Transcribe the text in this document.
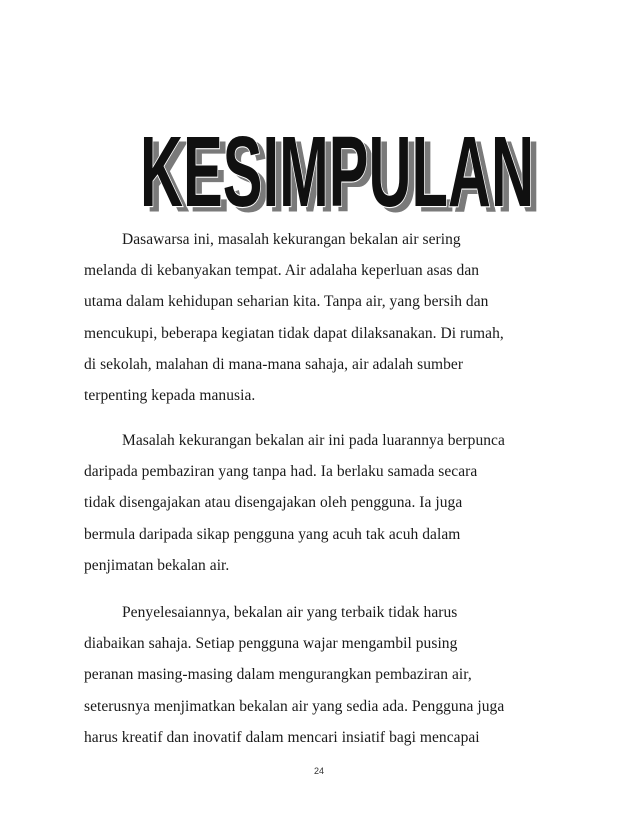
KESIMPULAN
KESIMPULAN

Dasawarsa ini, masalah kekurangan bekalan air sering
melanda di kebanyakan tempat. Air adalaha keperluan asas dan
utama dalam kehidupan seharian kita. Tanpa air, yang bersih dan
mencukupi, beberapa kegiatan tidak dapat dilaksanakan. Di rumah,
di sekolah, malahan di mana-mana sahaja, air adalah sumber
terpenting kepada manusia.

Masalah kekurangan bekalan air ini pada luarannya berpunca
daripada pembaziran yang tanpa had. Ia berlaku samada secara
tidak disengajakan atau disengajakan oleh pengguna. Ia juga
bermula daripada sikap pengguna yang acuh tak acuh dalam
penjimatan bekalan air.

Penyelesaiannya, bekalan air yang terbaik tidak harus
diabaikan sahaja. Setiap pengguna wajar mengambil pusing
peranan masing-masing dalam mengurangkan pembaziran air,
seterusnya menjimatkan bekalan air yang sedia ada. Pengguna juga
harus kreatif dan inovatif dalam mencari insiatif bagi mencapai

24
